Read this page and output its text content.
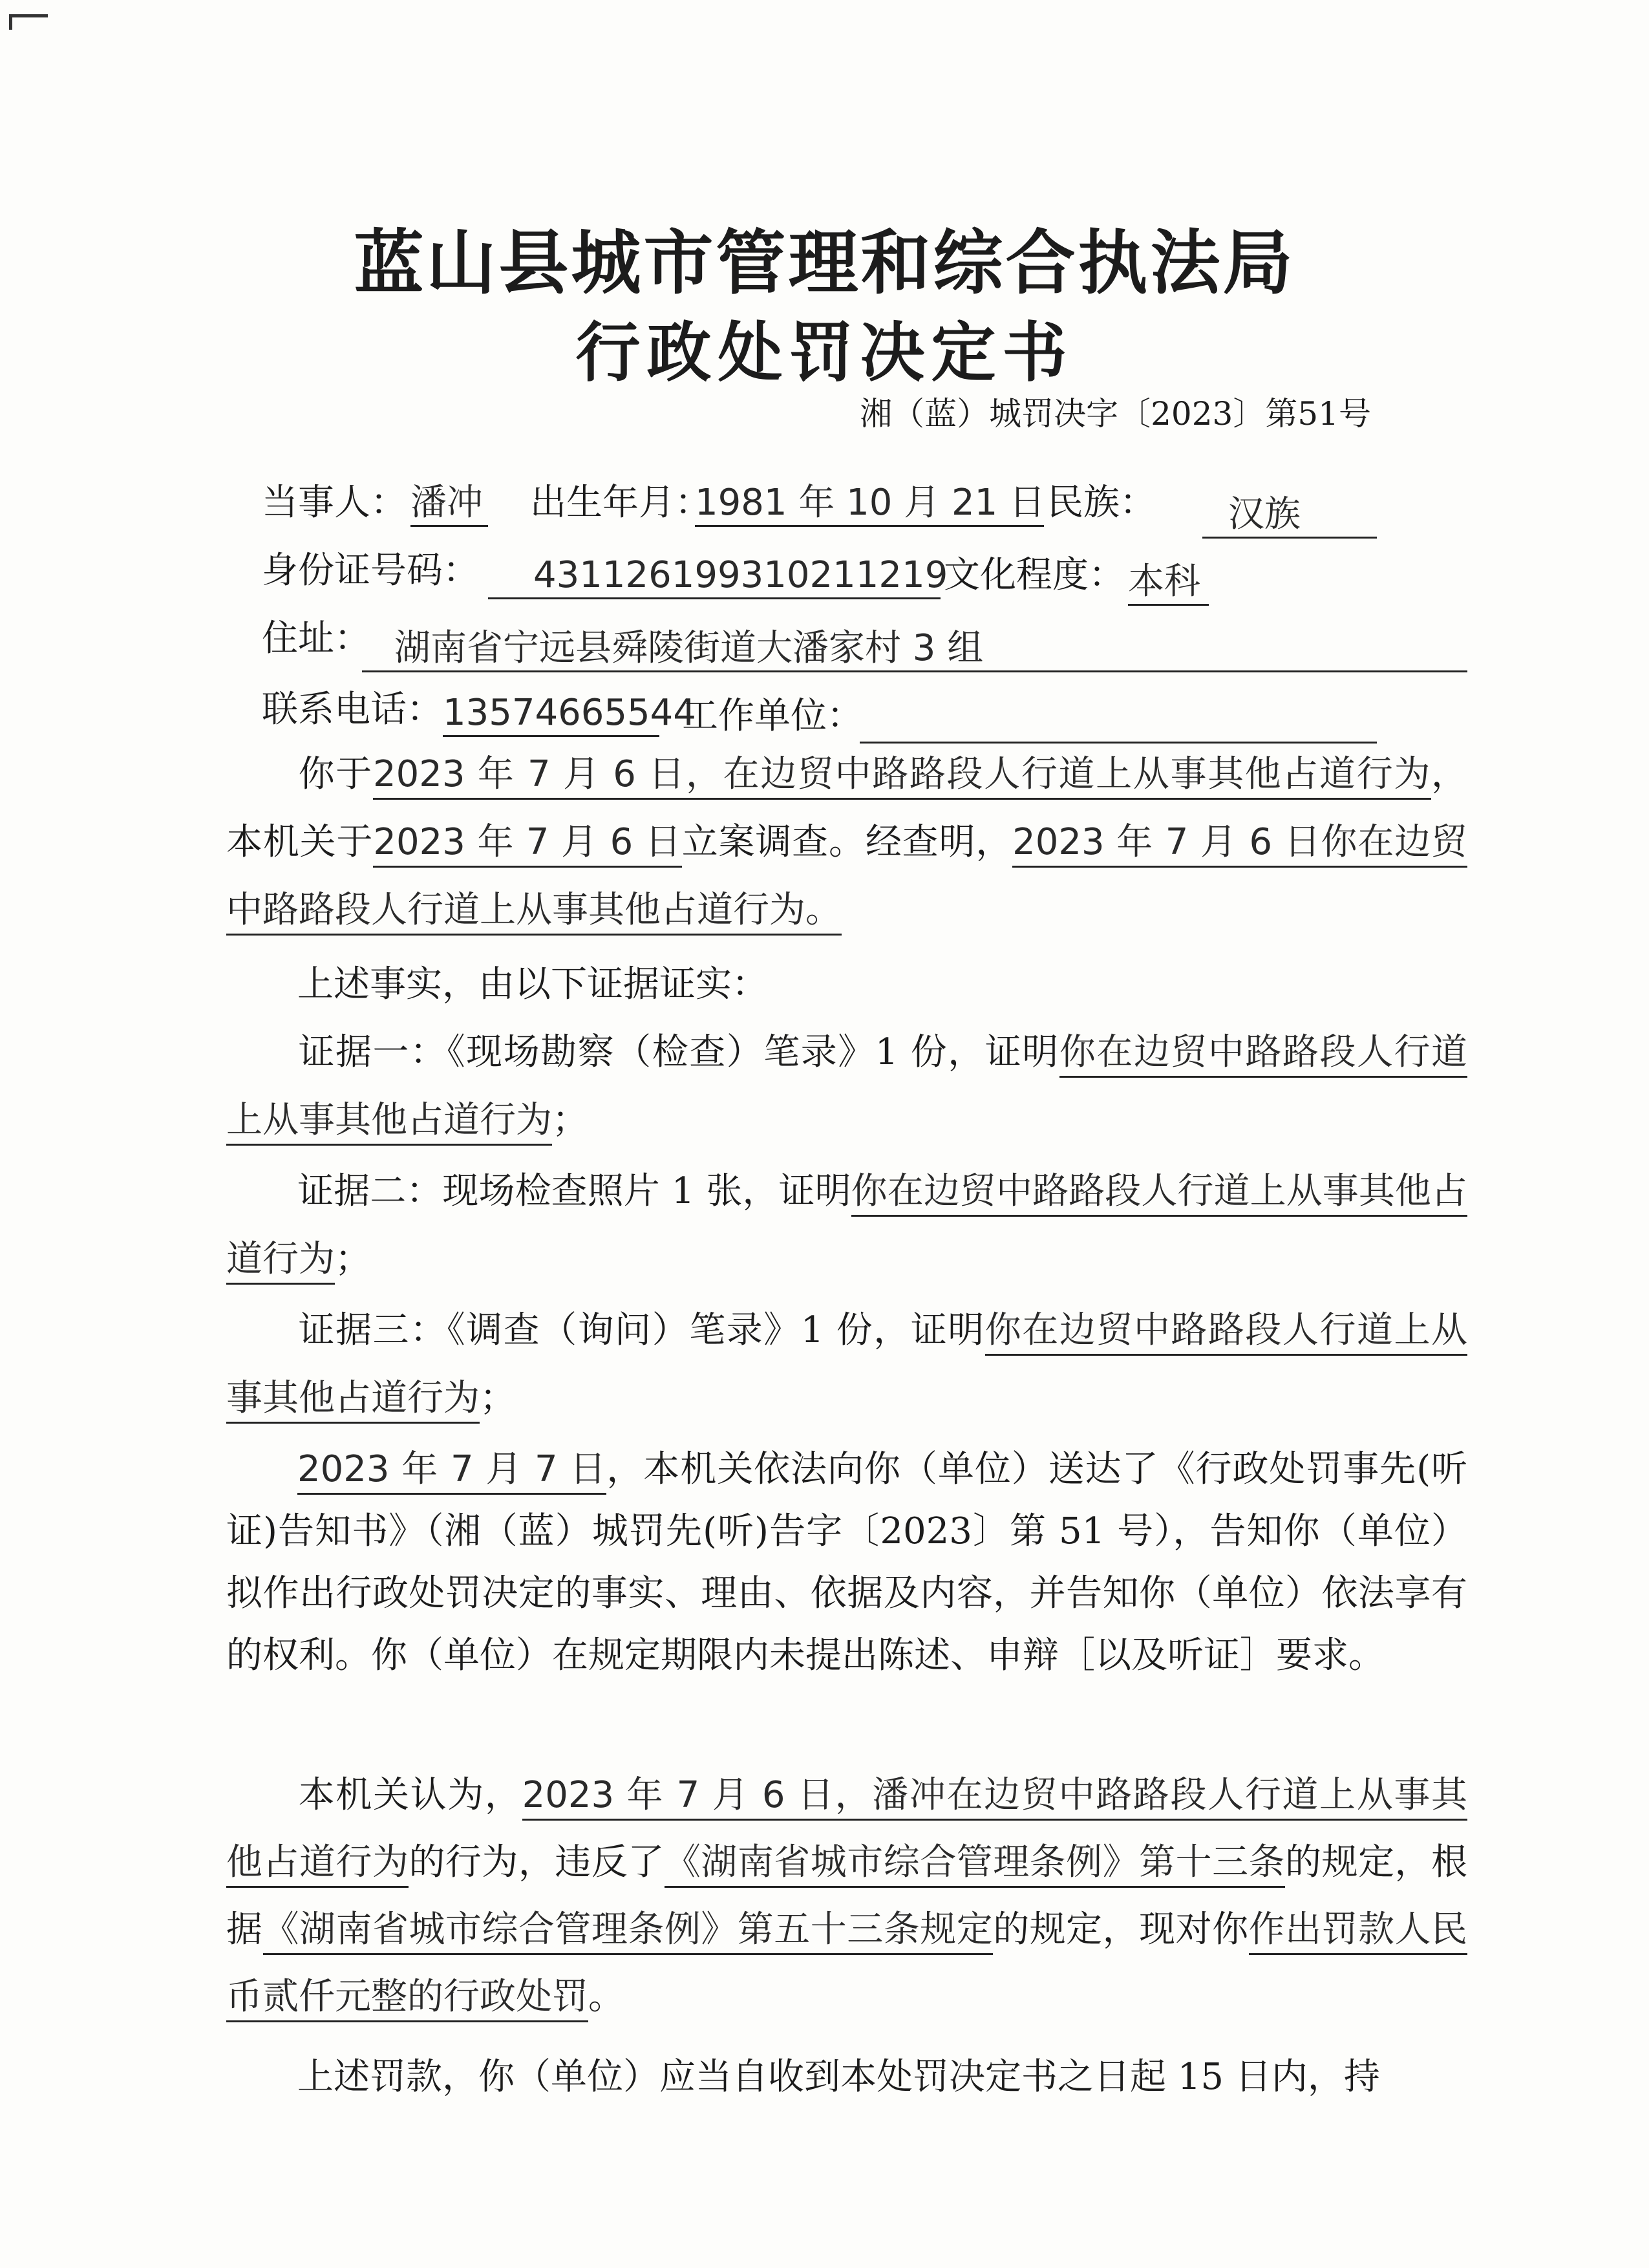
蓝山县城市管理和综合执法局
行政处罚决定书
湘（蓝）城罚决字〔2023〕第51号
当事人： 潘冲 出生年月：
1981 年 10 月 21 日 民族：	汉族
身份证号码：	431126199310211219
文化程度： 本科
住址： 湖南省宁远县舜陵街道大潘家村 3 组
联系电话： 13574665544
工作单位：
你于2023 年 7 月 6 日，在边贸中路路段人行道上从事其他占道行为，本机关于2023 年 7 月 6 日立案调查。经查明，2023 年 7 月 6 日你在边贸中路路段人行道上从事其他占道行为。
上述事实，由以下证据证实：
证据一：《现场勘察（检查）笔录》1 份，证明你在边贸中路路段人行道上从事其他占道行为；
证据二：现场检查照片 1 张，证明你在边贸中路路段人行道上从事其他占道行为；
证据三：《调查（询问）笔录》1 份，证明你在边贸中路路段人行道上从事其他占道行为；
2023 年 7 月 7 日，本机关依法向你（单位）送达了《行政处罚事先(听证)告知书》（湘（蓝）城罚先(听)告字〔2023〕第 51 号），告知你（单位）拟作出行政处罚决定的事实、理由、依据及内容，并告知你（单位）依法享有的权利。你（单位）在规定期限内未提出陈述、申辩［以及听证］要求。
本机关认为，2023 年 7 月 6 日，潘冲在边贸中路路段人行道上从事其他占道行为的行为，违反了《湖南省城市综合管理条例》第十三条的规定，根据《湖南省城市综合管理条例》第五十三条规定的规定，现对你作出罚款人民币贰仟元整的行政处罚。
上述罚款，你（单位）应当自收到本处罚决定书之日起 15 日内，持
